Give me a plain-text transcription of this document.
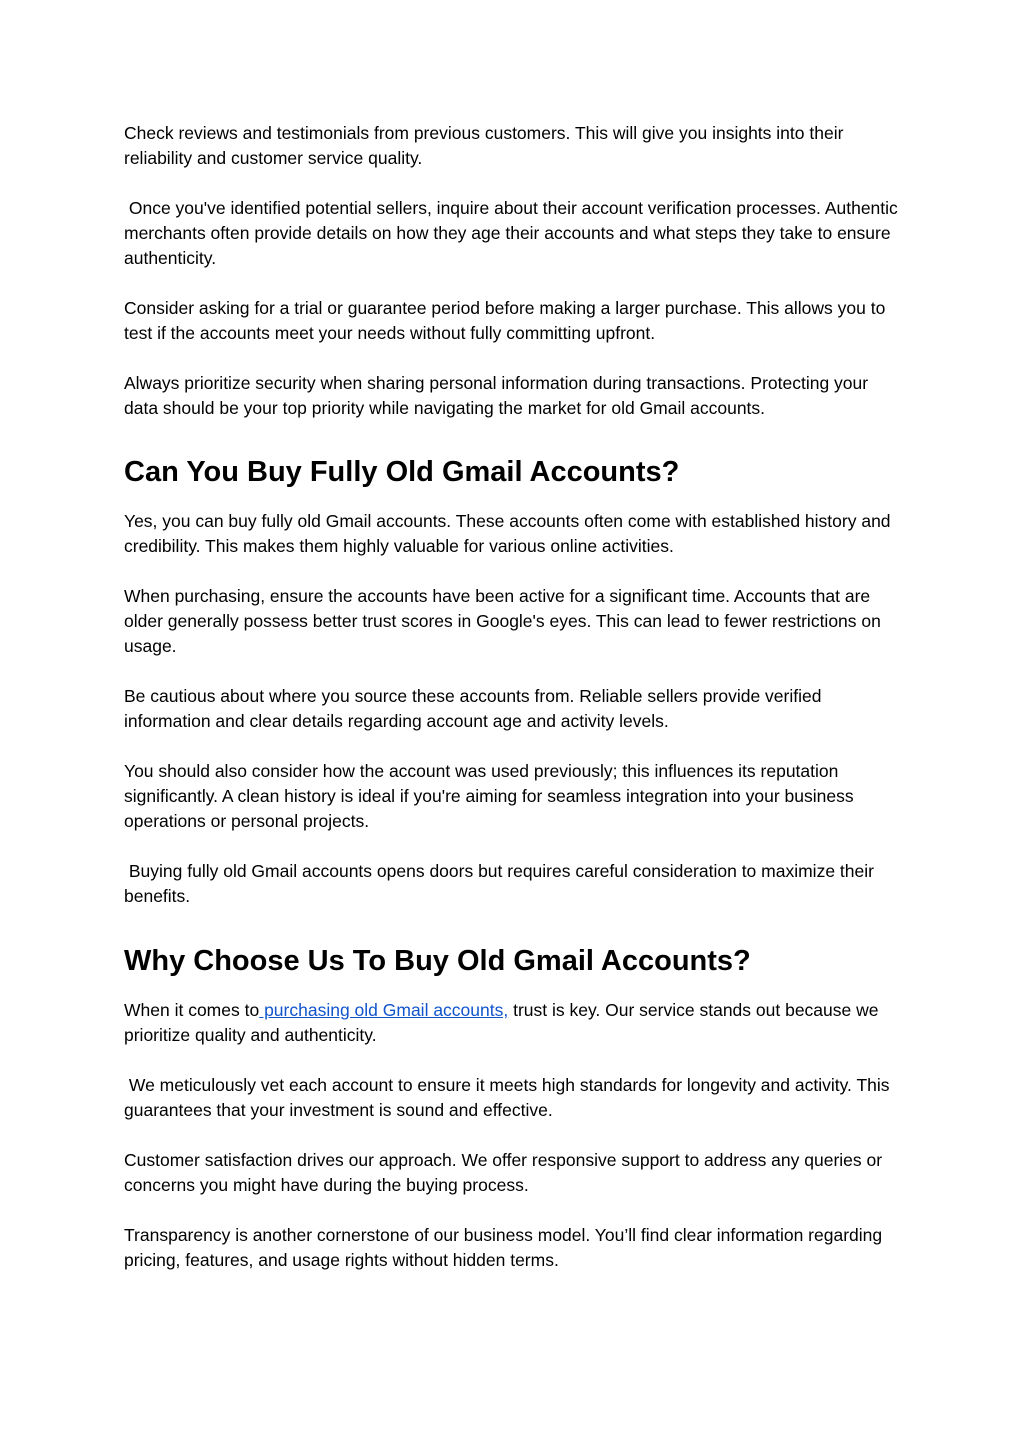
Check reviews and testimonials from previous customers. This will give you insights into their reliability and customer service quality.

Once you've identified potential sellers, inquire about their account verification processes. Authentic merchants often provide details on how they age their accounts and what steps they take to ensure authenticity.

Consider asking for a trial or guarantee period before making a larger purchase. This allows you to test if the accounts meet your needs without fully committing upfront.

Always prioritize security when sharing personal information during transactions. Protecting your data should be your top priority while navigating the market for old Gmail accounts.

Can You Buy Fully Old Gmail Accounts?

Yes, you can buy fully old Gmail accounts. These accounts often come with established history and credibility. This makes them highly valuable for various online activities.

When purchasing, ensure the accounts have been active for a significant time. Accounts that are older generally possess better trust scores in Google's eyes. This can lead to fewer restrictions on usage.

Be cautious about where you source these accounts from. Reliable sellers provide verified information and clear details regarding account age and activity levels.

You should also consider how the account was used previously; this influences its reputation significantly. A clean history is ideal if you're aiming for seamless integration into your business operations or personal projects.

Buying fully old Gmail accounts opens doors but requires careful consideration to maximize their benefits.

Why Choose Us To Buy Old Gmail Accounts?

When it comes to purchasing old Gmail accounts, trust is key. Our service stands out because we prioritize quality and authenticity.

We meticulously vet each account to ensure it meets high standards for longevity and activity. This guarantees that your investment is sound and effective.

Customer satisfaction drives our approach. We offer responsive support to address any queries or concerns you might have during the buying process.

Transparency is another cornerstone of our business model. You’ll find clear information regarding pricing, features, and usage rights without hidden terms.
